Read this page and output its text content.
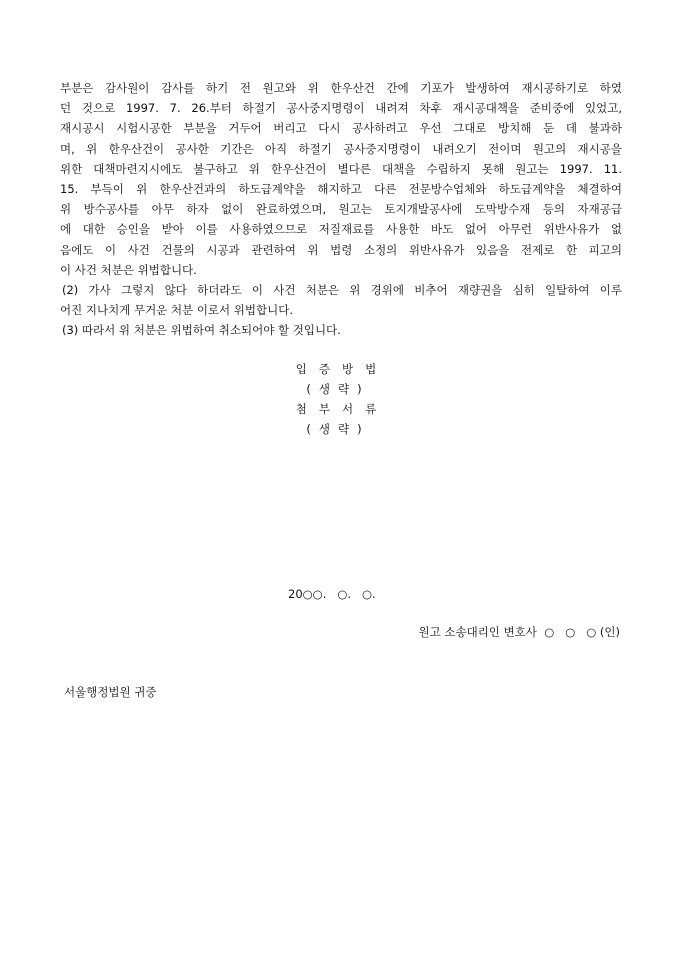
부분은 감사원이 감사를 하기 전 원고와 위 한우산건 간에 기포가 발생하여 재시공하기로 하였
던 것으로 1997. 7. 26.부터 하절기 공사중지명령이 내려져 차후 재시공대책을 준비중에 있었고,
재시공시 시험시공한 부분을 거두어 버리고 다시 공사하려고 우선 그대로 방치해 둔 데 불과하
며, 위 한우산건이 공사한 기간은 아직 하절기 공사중지명령이 내려오기 전이며 원고의 재시공을
위한 대책마련지시에도 불구하고 위 한우산건이 별다른 대책을 수립하지 못해 원고는 1997. 11.
15. 부득이 위 한우산건과의 하도급계약을 해지하고 다른 전문방수업체와 하도급계약을 체결하여
위 방수공사를 아무 하자 없이 완료하였으며, 원고는 토지개발공사에 도막방수재 등의 자재공급
에 대한 승인을 받아 이를 사용하였으므로 저질재료를 사용한 바도 없어 아무런 위반사유가 없
음에도 이 사건 건물의 시공과 관련하여 위 법령 소정의 위반사유가 있음을 전제로 한 피고의
이 사건 처분은 위법합니다.
(2) 가사 그렇지 않다 하더라도 이 사건 처분은 위 경위에 비추어 재량권을 심히 일탈하여 이루
어진 지나치게 무거운 처분 이로서 위법합니다.
(3) 따라서 위 처분은 위법하여 취소되어야 할 것입니다.
입증방법
(생략)
첨부서류
(생략)
20○○.   ○.   ○.
원고 소송대리인 변호사  ○   ○   ○ (인)
서울행정법원 귀중
